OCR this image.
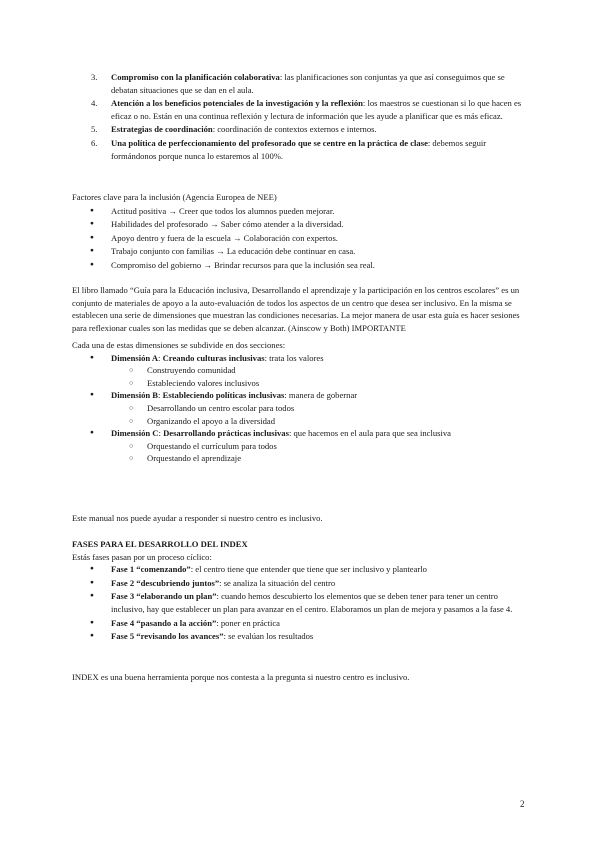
3. Compromiso con la planificación colaborativa: las planificaciones son conjuntas ya que así conseguimos que se debatan situaciones que se dan en el aula.
4. Atención a los beneficios potenciales de la investigación y la reflexión: los maestros se cuestionan si lo que hacen es eficaz o no. Están en una continua reflexión y lectura de información que les ayude a planificar que es más eficaz.
5. Estrategias de coordinación: coordinación de contextos externos e internos.
6. Una política de perfeccionamiento del profesorado que se centre en la práctica de clase: debemos seguir formándonos porque nunca lo estaremos al 100%.

Factores clave para la inclusión (Agencia Europea de NEE)

● Actitud positiva → Creer que todos los alumnos pueden mejorar.
● Habilidades del profesorado → Saber cómo atender a la diversidad.
● Apoyo dentro y fuera de la escuela → Colaboración con expertos.
● Trabajo conjunto con familias → La educación debe continuar en casa.
● Compromiso del gobierno → Brindar recursos para que la inclusión sea real.

El libro llamado “Guía para la Educación inclusiva, Desarrollando el aprendizaje y la participación en los centros escolares” es un conjunto de materiales de apoyo a la auto-evaluación de todos los aspectos de un centro que desea ser inclusivo. En la misma se establecen una serie de dimensiones que muestran las condiciones necesarias. La mejor manera de usar esta guía es hacer sesiones para reflexionar cuales son las medidas que se deben alcanzar. (Ainscow y Both) IMPORTANTE

Cada una de estas dimensiones se subdivide en dos secciones:

● Dimensión A: Creando culturas inclusivas: trata los valores
○ Construyendo comunidad
○ Estableciendo valores inclusivos
● Dimensión B: Estableciendo políticas inclusivas: manera de gobernar
○ Desarrollando un centro escolar para todos
○ Organizando el apoyo a la diversidad
● Dimensión C: Desarrollando prácticas inclusivas: que hacemos en el aula para que sea inclusiva
○ Orquestando el currículum para todos
○ Orquestando el aprendizaje

Este manual nos puede ayudar a responder si nuestro centro es inclusivo.

FASES PARA EL DESARROLLO DEL INDEX

Estás fases pasan por un proceso cíclico:

● Fase 1 “comenzando”: el centro tiene que entender que tiene que ser inclusivo y plantearlo
● Fase 2 “descubriendo juntos”: se analiza la situación del centro
● Fase 3 “elaborando un plan”: cuando hemos descubierto los elementos que se deben tener para tener un centro inclusivo, hay que establecer un plan para avanzar en el centro. Elaboramos un plan de mejora y pasamos a la fase 4.
● Fase 4 “pasando a la acción”: poner en práctica
● Fase 5 “revisando los avances”: se evalúan los resultados

INDEX es una buena herramienta porque nos contesta a la pregunta si nuestro centro es inclusivo.

2
